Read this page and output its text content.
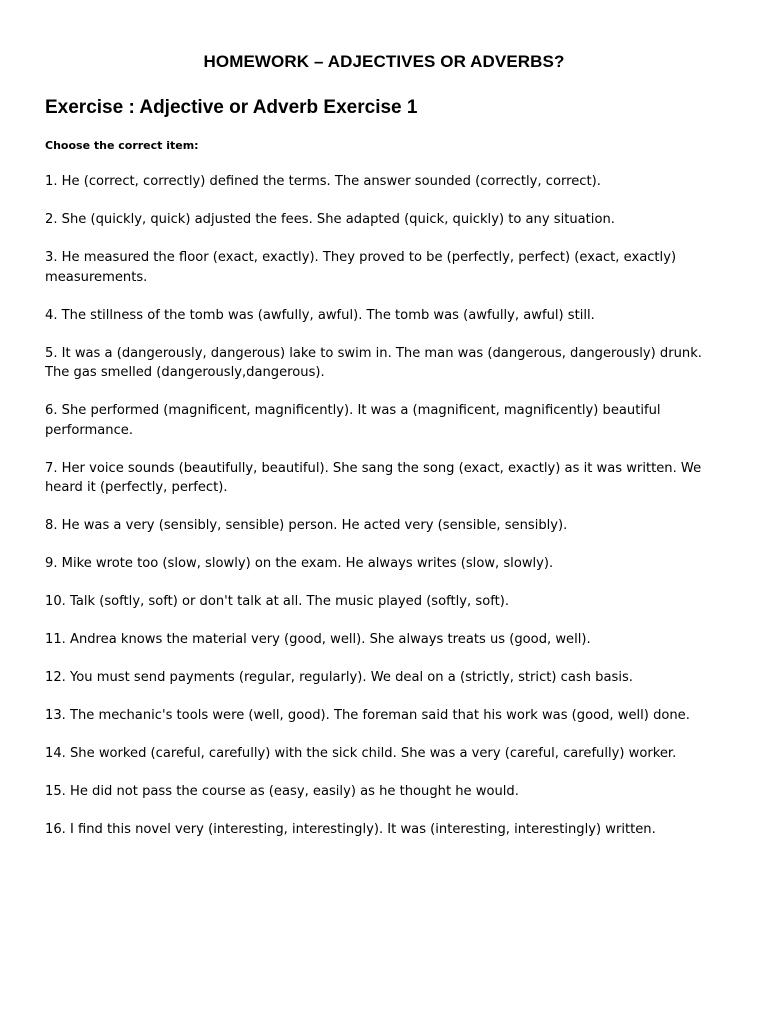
HOMEWORK – ADJECTIVES OR ADVERBS?
Exercise : Adjective or Adverb Exercise 1

Choose the correct item:

1. He (correct, correctly) defined the terms. The answer sounded (correctly, correct).
2. She (quickly, quick) adjusted the fees. She adapted (quick, quickly) to any situation.
3. He measured the floor (exact, exactly). They proved to be (perfectly, perfect) (exact, exactly) measurements.
4. The stillness of the tomb was (awfully, awful). The tomb was (awfully, awful) still.
5. It was a (dangerously, dangerous) lake to swim in. The man was (dangerous, dangerously) drunk. The gas smelled (dangerously,dangerous).
6. She performed (magnificent, magnificently). It was a (magnificent, magnificently) beautiful performance.
7. Her voice sounds (beautifully, beautiful). She sang the song (exact, exactly) as it was written. We heard it (perfectly, perfect).
8. He was a very (sensibly, sensible) person. He acted very (sensible, sensibly).
9. Mike wrote too (slow, slowly) on the exam. He always writes (slow, slowly).
10. Talk (softly, soft) or don't talk at all. The music played (softly, soft).
11. Andrea knows the material very (good, well). She always treats us (good, well).
12. You must send payments (regular, regularly). We deal on a (strictly, strict) cash basis.
13. The mechanic's tools were (well, good). The foreman said that his work was (good, well) done.
14. She worked (careful, carefully) with the sick child. She was a very (careful, carefully) worker.
15. He did not pass the course as (easy, easily) as he thought he would.
16. I find this novel very (interesting, interestingly). It was (interesting, interestingly) written.
